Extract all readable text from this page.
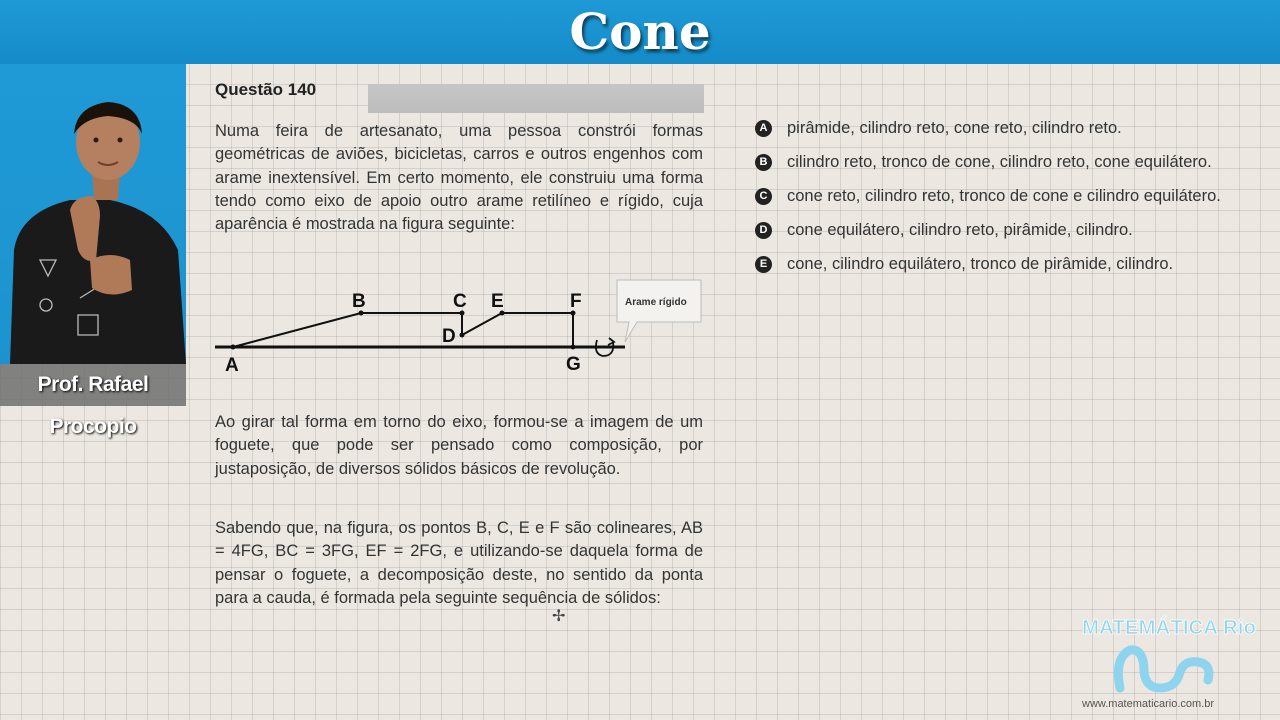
Cone
Prof. Rafael Procopio
Questão 140

Numa feira de artesanato, uma pessoa constrói formas geométricas de aviões, bicicletas, carros e outros engenhos com arame inextensível. Em certo momento, ele construiu uma forma tendo como eixo de apoio outro arame retilíneo e rígido, cuja aparência é mostrada na figura seguinte:

A
B	C
D
E	F
G
Arame rígido

Ao girar tal forma em torno do eixo, formou-se a imagem de um foguete, que pode ser pensado como composição, por justaposição, de diversos sólidos básicos de revolução.

Sabendo que, na figura, os pontos B, C, E e F são colineares, AB = 4FG, BC = 3FG, EF = 2FG, e utilizando-se daquela forma de pensar o foguete, a decomposição deste, no sentido da ponta para a cauda, é formada pela seguinte sequência de sólidos:

A pirâmide, cilindro reto, cone reto, cilindro reto.
B cilindro reto, tronco de cone, cilindro reto, cone equilátero.
C cone reto, cilindro reto, tronco de cone e cilindro equilátero.
D cone equilátero, cilindro reto, pirâmide, cilindro.
E cone, cilindro equilátero, tronco de pirâmide, cilindro.
MATEMÁTICA Rio
www.matematicario.com.br
✢
